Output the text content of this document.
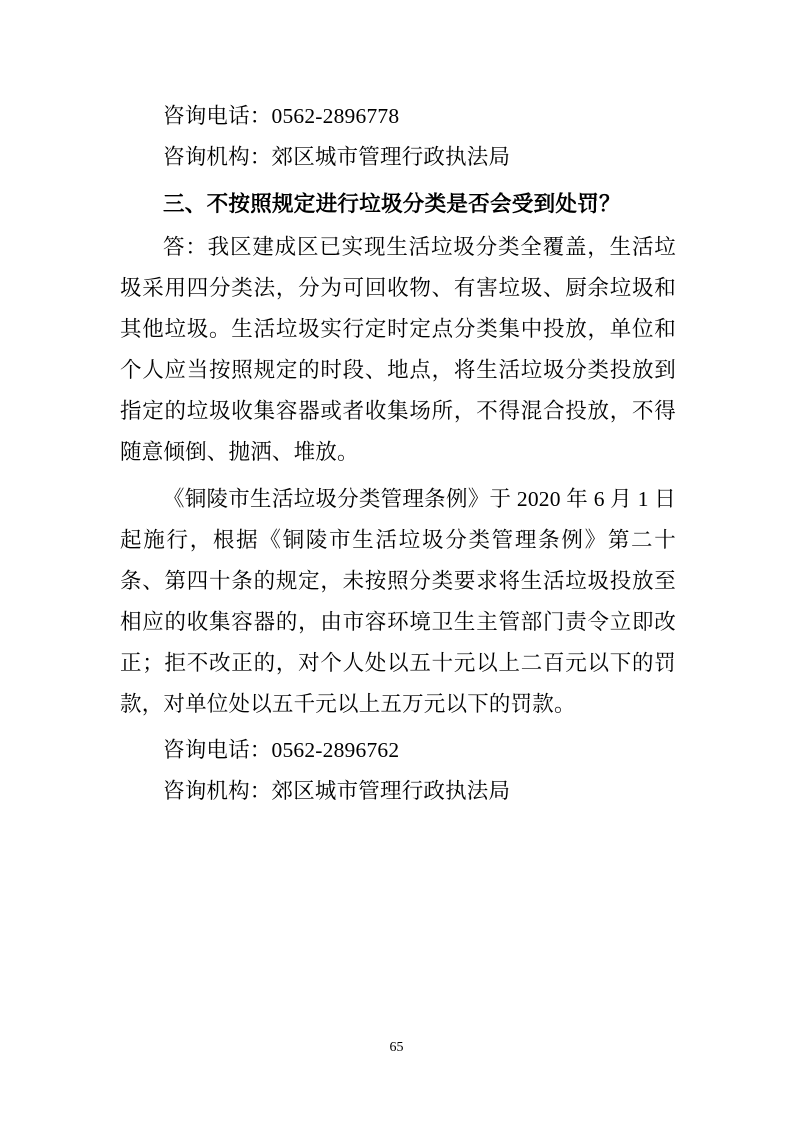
咨询电话：0562-2896778

咨询机构：郊区城市管理行政执法局

三、不按照规定进行垃圾分类是否会受到处罚？

答：我区建成区已实现生活垃圾分类全覆盖，生活垃圾采用四分类法，分为可回收物、有害垃圾、厨余垃圾和其他垃圾。生活垃圾实行定时定点分类集中投放，单位和个人应当按照规定的时段、地点，将生活垃圾分类投放到指定的垃圾收集容器或者收集场所，不得混合投放，不得随意倾倒、抛洒、堆放。

《铜陵市生活垃圾分类管理条例》于 2020 年 6 月 1 日起施行，根据《铜陵市生活垃圾分类管理条例》第二十条、第四十条的规定，未按照分类要求将生活垃圾投放至相应的收集容器的，由市容环境卫生主管部门责令立即改正；拒不改正的，对个人处以五十元以上二百元以下的罚款，对单位处以五千元以上五万元以下的罚款。

咨询电话：0562-2896762

咨询机构：郊区城市管理行政执法局

65
